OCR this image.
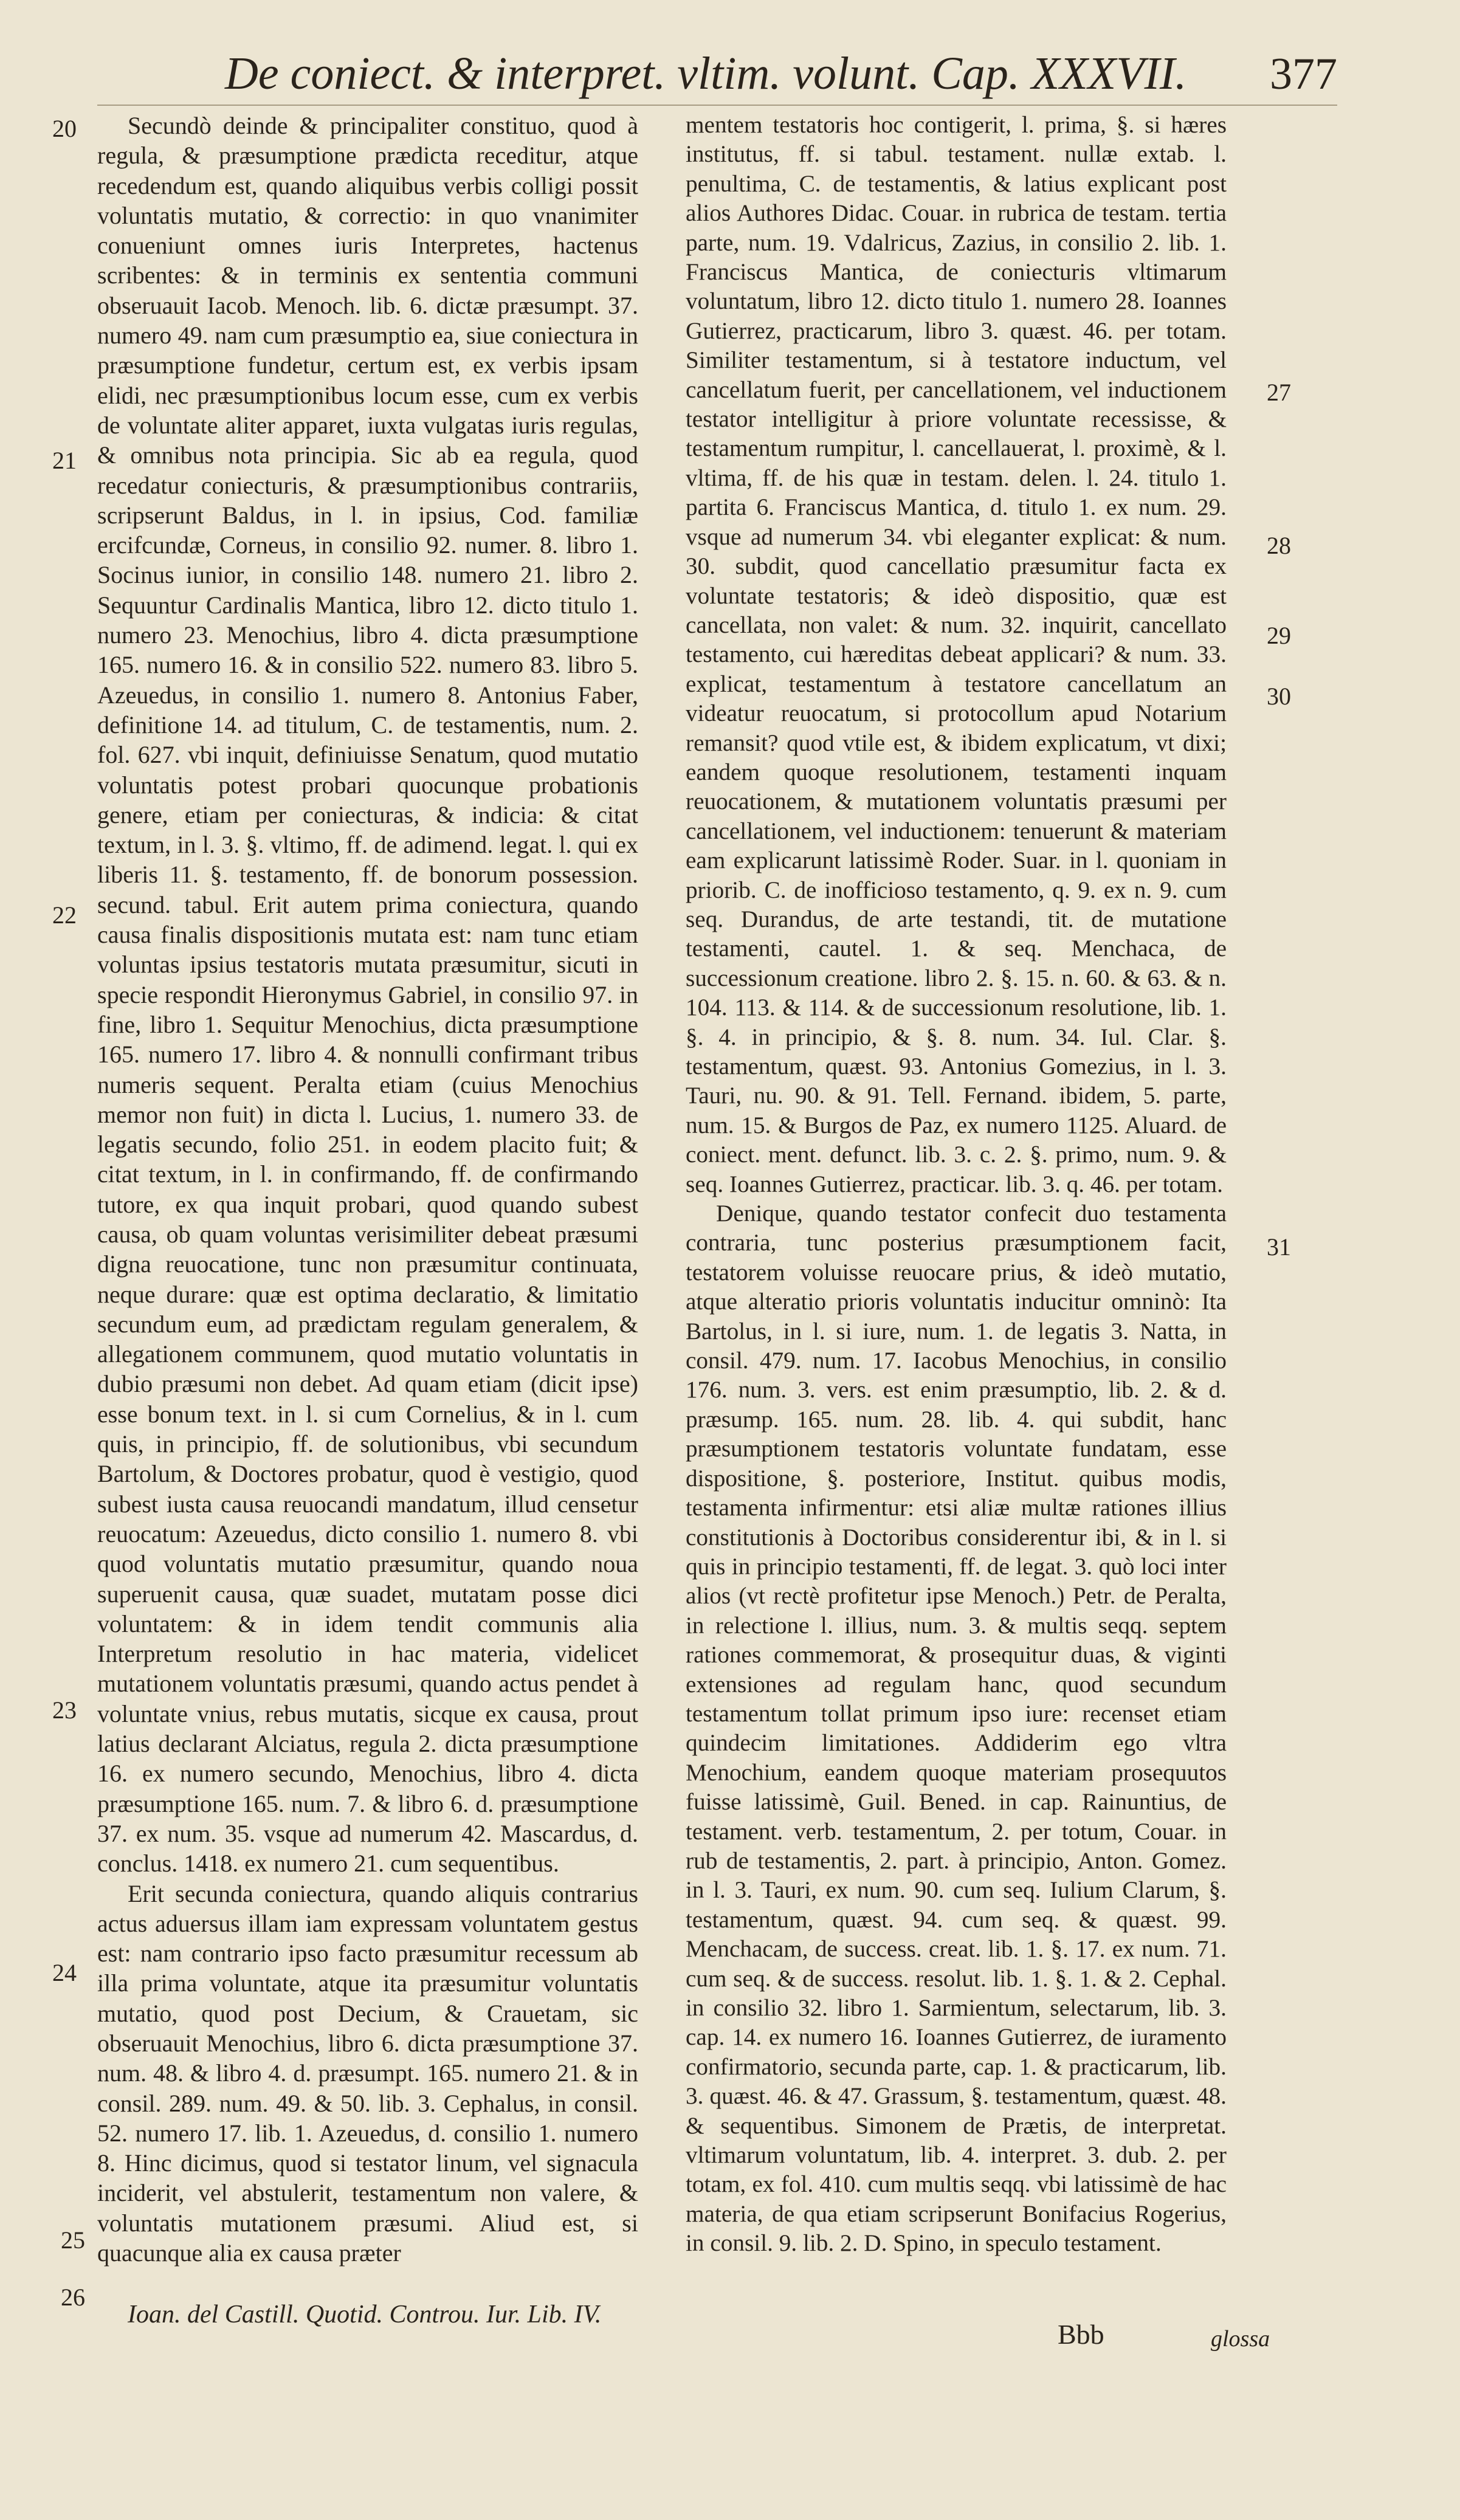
De coniect. & interpret. vltim. volunt. Cap. XXXVII. 377
20
21
22
23
24
25
26
27
28
29
30
31

Secundò deinde & principaliter constituo, quod à regula, & præsumptione prædicta receditur, atque recedendum est, quando aliquibus verbis colligi possit voluntatis mutatio, & correctio: in quo vnanimiter conueniunt omnes iuris Interpretes, hactenus scribentes: & in terminis ex sententia communi obseruauit Iacob. Menoch. lib. 6. dictæ præsumpt. 37. numero 49. nam cum præsumptio ea, siue coniectura in præsumptione fundetur, certum est, ex verbis ipsam elidi, nec præsumptionibus locum esse, cum ex verbis de voluntate aliter apparet, iuxta vulgatas iuris regulas, & omnibus nota principia. Sic ab ea regula, quod recedatur coniecturis, & præsumptionibus contrariis, scripserunt Baldus, in l. in ipsius, Cod. familiæ ercifcundæ, Corneus, in consilio 92. numer. 8. libro 1. Socinus iunior, in consilio 148. numero 21. libro 2. Sequuntur Cardinalis Mantica, libro 12. dicto titulo 1. numero 23. Menochius, libro 4. dicta præsumptione 165. numero 16. & in consilio 522. numero 83. libro 5. Azeuedus, in consilio 1. numero 8. Antonius Faber, definitione 14. ad titulum, C. de testamentis, num. 2. fol. 627. vbi inquit, definiuisse Senatum, quod mutatio voluntatis potest probari quocunque probationis genere, etiam per coniecturas, & indicia: & citat textum, in l. 3. §. vltimo, ff. de adimend. legat. l. qui ex liberis 11. §. testamento, ff. de bonorum possession. secund. tabul. Erit autem prima coniectura, quando causa finalis dispositionis mutata est: nam tunc etiam voluntas ipsius testatoris mutata præsumitur, sicuti in specie respondit Hieronymus Gabriel, in consilio 97. in fine, libro 1. Sequitur Menochius, dicta præsumptione 165. numero 17. libro 4. & nonnulli confirmant tribus numeris sequent. Peralta etiam (cuius Menochius memor non fuit) in dicta l. Lucius, 1. numero 33. de legatis secundo, folio 251. in eodem placito fuit; & citat textum, in l. in confirmando, ff. de confirmando tutore, ex qua inquit probari, quod quando subest causa, ob quam voluntas verisimiliter debeat præsumi digna reuocatione, tunc non præsumitur continuata, neque durare: quæ est optima declaratio, & limitatio secundum eum, ad prædictam regulam generalem, & allegationem communem, quod mutatio voluntatis in dubio præsumi non debet. Ad quam etiam (dicit ipse) esse bonum text. in l. si cum Cornelius, & in l. cum quis, in principio, ff. de solutionibus, vbi secundum Bartolum, & Doctores probatur, quod è vestigio, quod subest iusta causa reuocandi mandatum, illud censetur reuocatum: Azeuedus, dicto consilio 1. numero 8. vbi quod voluntatis mutatio præsumitur, quando noua superuenit causa, quæ suadet, mutatam posse dici voluntatem: & in idem tendit communis alia Interpretum resolutio in hac materia, videlicet mutationem voluntatis præsumi, quando actus pendet à voluntate vnius, rebus mutatis, sicque ex causa, prout latius declarant Alciatus, regula 2. dicta præsumptione 16. ex numero secundo, Menochius, libro 4. dicta præsumptione 165. num. 7. & libro 6. d. præsumptione 37. ex num. 35. vsque ad numerum 42. Mascardus, d. conclus. 1418. ex numero 21. cum sequentibus.

Erit secunda coniectura, quando aliquis contrarius actus aduersus illam iam expressam voluntatem gestus est: nam contrario ipso facto præsumitur recessum ab illa prima voluntate, atque ita præsumitur voluntatis mutatio, quod post Decium, & Crauetam, sic obseruauit Menochius, libro 6. dicta præsumptione 37. num. 48. & libro 4. d. præsumpt. 165. numero 21. & in consil. 289. num. 49. & 50. lib. 3. Cephalus, in consil. 52. numero 17. lib. 1. Azeuedus, d. consilio 1. numero 8. Hinc dicimus, quod si testator linum, vel signacula inciderit, vel abstulerit, testamentum non valere, & voluntatis mutationem præsumi. Aliud est, si quacunque alia ex causa præter

mentem testatoris hoc contigerit, l. prima, §. si hæres institutus, ff. si tabul. testament. nullæ extab. l. penultima, C. de testamentis, & latius explicant post alios Authores Didac. Couar. in rubrica de testam. tertia parte, num. 19. Vdalricus, Zazius, in consilio 2. lib. 1. Franciscus Mantica, de coniecturis vltimarum voluntatum, libro 12. dicto titulo 1. numero 28. Ioannes Gutierrez, practicarum, libro 3. quæst. 46. per totam. Similiter testamentum, si à testatore inductum, vel cancellatum fuerit, per cancellationem, vel inductionem testator intelligitur à priore voluntate recessisse, & testamentum rumpitur, l. cancellauerat, l. proximè, & l. vltima, ff. de his quæ in testam. delen. l. 24. titulo 1. partita 6. Franciscus Mantica, d. titulo 1. ex num. 29. vsque ad numerum 34. vbi eleganter explicat: & num. 30. subdit, quod cancellatio præsumitur facta ex voluntate testatoris; & ideò dispositio, quæ est cancellata, non valet: & num. 32. inquirit, cancellato testamento, cui hæreditas debeat applicari? & num. 33. explicat, testamentum à testatore cancellatum an videatur reuocatum, si protocollum apud Notarium remansit? quod vtile est, & ibidem explicatum, vt dixi; eandem quoque resolutionem, testamenti inquam reuocationem, & mutationem voluntatis præsumi per cancellationem, vel inductionem: tenuerunt & materiam eam explicarunt latissimè Roder. Suar. in l. quoniam in priorib. C. de inofficioso testamento, q. 9. ex n. 9. cum seq. Durandus, de arte testandi, tit. de mutatione testamenti, cautel. 1. & seq. Menchaca, de successionum creatione. libro 2. §. 15. n. 60. & 63. & n. 104. 113. & 114. & de successionum resolutione, lib. 1. §. 4. in principio, & §. 8. num. 34. Iul. Clar. §. testamentum, quæst. 93. Antonius Gomezius, in l. 3. Tauri, nu. 90. & 91. Tell. Fernand. ibidem, 5. parte, num. 15. & Burgos de Paz, ex numero 1125. Aluard. de coniect. ment. defunct. lib. 3. c. 2. §. primo, num. 9. & seq. Ioannes Gutierrez, practicar. lib. 3. q. 46. per totam.

Denique, quando testator confecit duo testamenta contraria, tunc posterius præsumptionem facit, testatorem voluisse reuocare prius, & ideò mutatio, atque alteratio prioris voluntatis inducitur omninò: Ita Bartolus, in l. si iure, num. 1. de legatis 3. Natta, in consil. 479. num. 17. Iacobus Menochius, in consilio 176. num. 3. vers. est enim præsumptio, lib. 2. & d. præsump. 165. num. 28. lib. 4. qui subdit, hanc præsumptionem testatoris voluntate fundatam, esse dispositione, §. posteriore, Institut. quibus modis, testamenta infirmentur: etsi aliæ multæ rationes illius constitutionis à Doctoribus considerentur ibi, & in l. si quis in principio testamenti, ff. de legat. 3. quò loci inter alios (vt rectè profitetur ipse Menoch.) Petr. de Peralta, in relectione l. illius, num. 3. & multis seqq. septem rationes commemorat, & prosequitur duas, & viginti extensiones ad regulam hanc, quod secundum testamentum tollat primum ipso iure: recenset etiam quindecim limitationes. Addiderim ego vltra Menochium, eandem quoque materiam prosequutos fuisse latissimè, Guil. Bened. in cap. Rainuntius, de testament. verb. testamentum, 2. per totum, Couar. in rub de testamentis, 2. part. à principio, Anton. Gomez. in l. 3. Tauri, ex num. 90. cum seq. Iulium Clarum, §. testamentum, quæst. 94. cum seq. & quæst. 99. Menchacam, de success. creat. lib. 1. §. 17. ex num. 71. cum seq. & de success. resolut. lib. 1. §. 1. & 2. Cephal. in consilio 32. libro 1. Sarmientum, selectarum, lib. 3. cap. 14. ex numero 16. Ioannes Gutierrez, de iuramento confirmatorio, secunda parte, cap. 1. & practicarum, lib. 3. quæst. 46. & 47. Grassum, §. testamentum, quæst. 48. & sequentibus. Simonem de Prætis, de interpretat. vltimarum voluntatum, lib. 4. interpret. 3. dub. 2. per totam, ex fol. 410. cum multis seqq. vbi latissimè de hac materia, de qua etiam scripserunt Bonifacius Rogerius, in consil. 9. lib. 2. D. Spino, in speculo testament.

Ioan. del Castill. Quotid. Controu. Iur. Lib. IV.
Bbb	glossa
